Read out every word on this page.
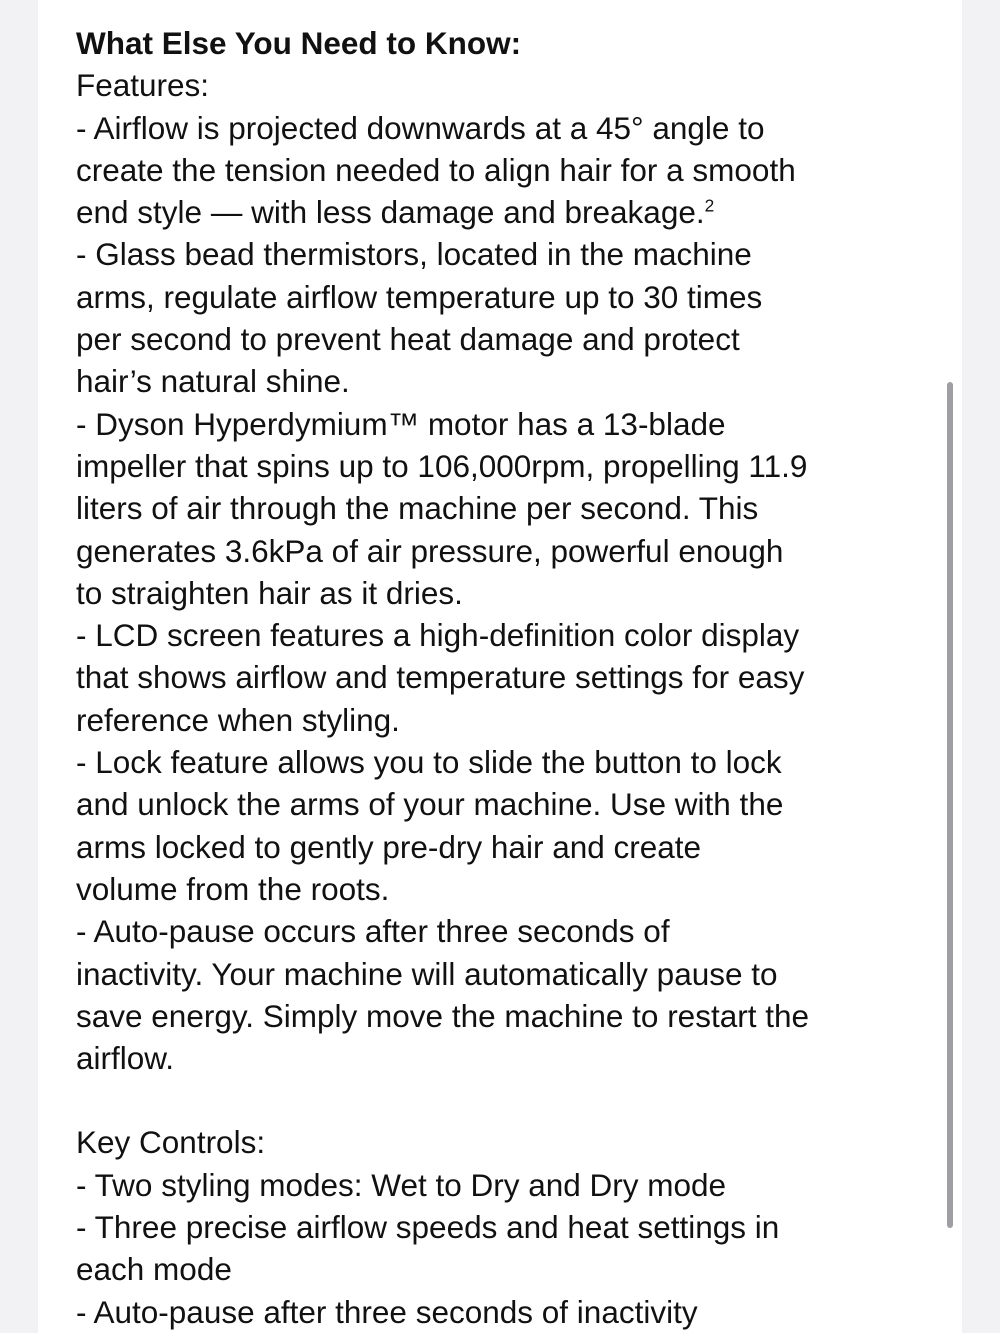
What Else You Need to Know:
Features:
- Airflow is projected downwards at a 45° angle to
create the tension needed to align hair for a smooth
end style — with less damage and breakage.$^2$
- Glass bead thermistors, located in the machine
arms, regulate airflow temperature up to 30 times
per second to prevent heat damage and protect
hair’s natural shine.
- Dyson Hyperdymium™ motor has a 13-blade
impeller that spins up to 106,000rpm, propelling 11.9
liters of air through the machine per second. This
generates 3.6kPa of air pressure, powerful enough
to straighten hair as it dries.
- LCD screen features a high-definition color display
that shows airflow and temperature settings for easy
reference when styling.
- Lock feature allows you to slide the button to lock
and unlock the arms of your machine. Use with the
arms locked to gently pre-dry hair and create
volume from the roots.
- Auto-pause occurs after three seconds of
inactivity. Your machine will automatically pause to
save energy. Simply move the machine to restart the
airflow.
Key Controls:
- Two styling modes: Wet to Dry and Dry mode
- Three precise airflow speeds and heat settings in
each mode
- Auto-pause after three seconds of inactivity
